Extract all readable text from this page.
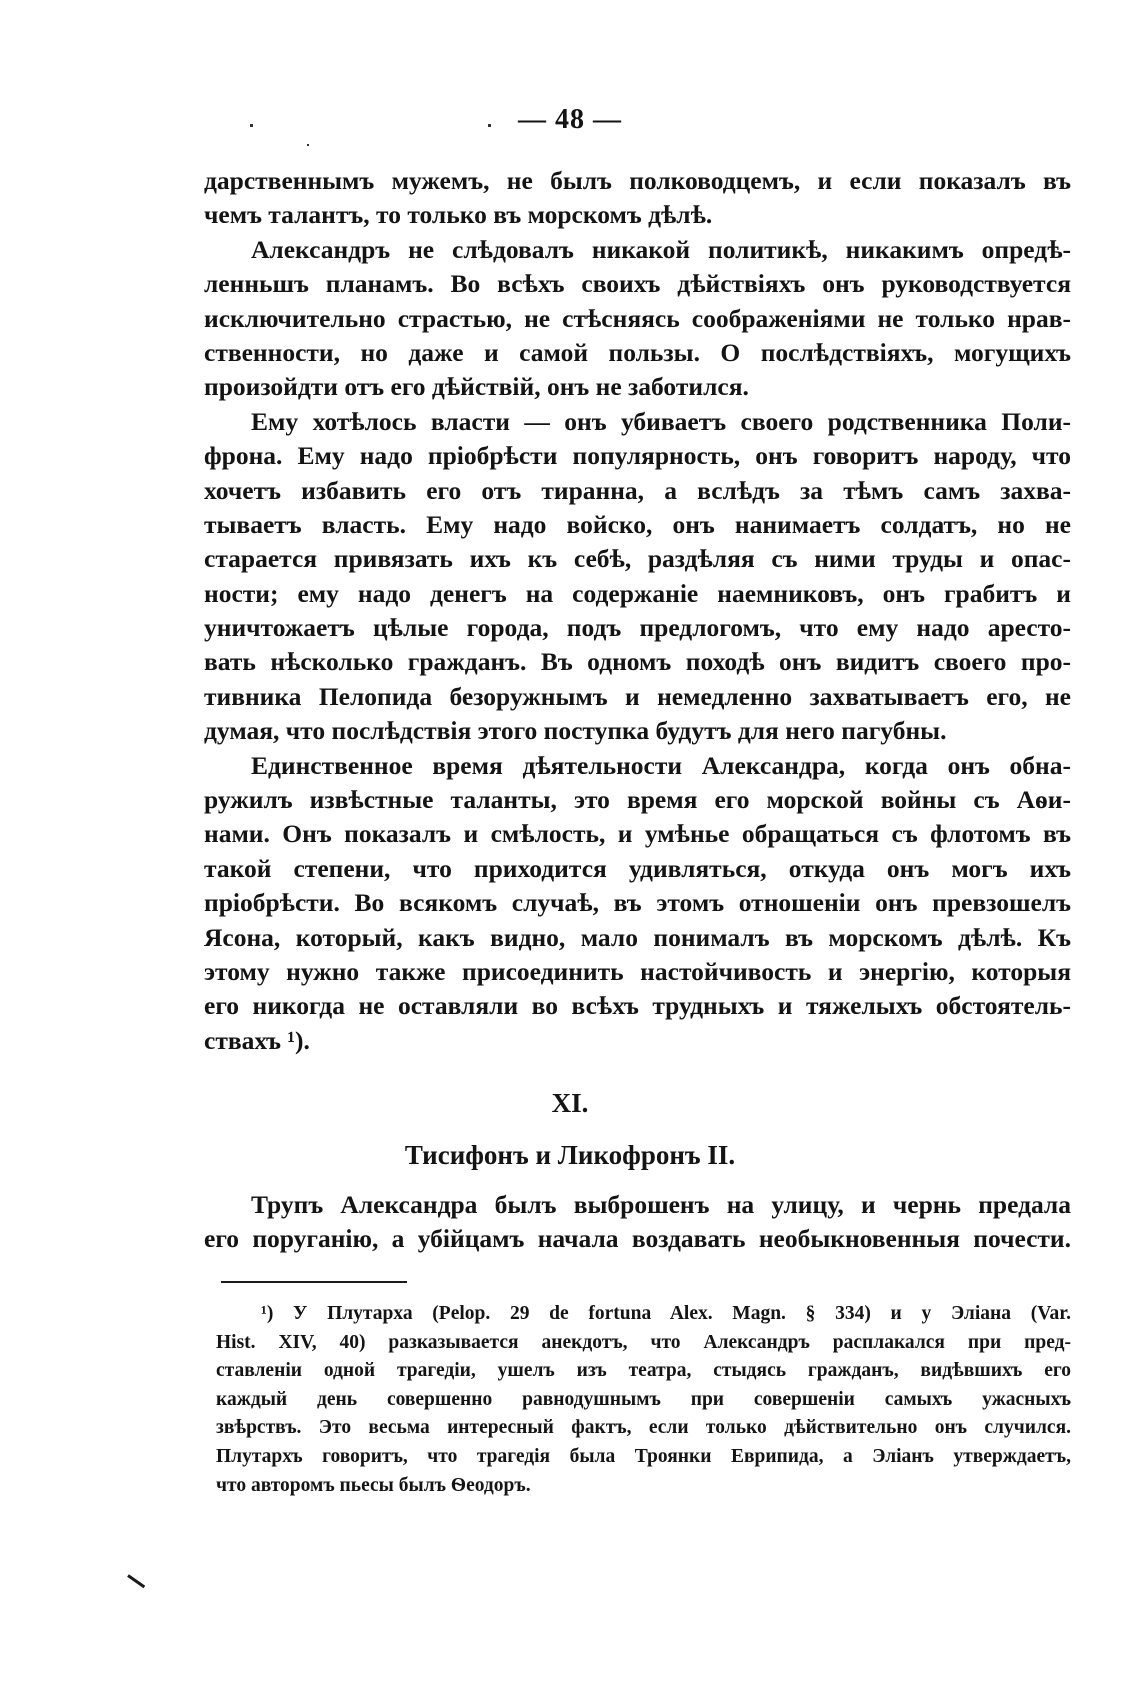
— 48 —
дарственнымъ мужемъ, не былъ полководцемъ, и если показалъ въ
чемъ талантъ, то только въ морскомъ дѣлѣ.
Александръ не слѣдовалъ никакой политикѣ, никакимъ опредѣ-
ленньшъ планамъ. Во всѣхъ своихъ дѣйствіяхъ онъ руководствуется
исключительно страстью, не стѣсняясь соображеніями не только нрав-
ственности, но даже и самой пользы. О послѣдствіяхъ, могущихъ
произойдти отъ его дѣйствій, онъ не заботился.
Ему хотѣлось власти — онъ убиваетъ своего родственника Поли-
фрона. Ему надо пріобрѣсти популярность, онъ говоритъ народу, что
хочетъ избавить его отъ тиранна, а вслѣдъ за тѣмъ самъ захва-
тываетъ власть. Ему надо войско, онъ нанимаетъ солдатъ, но не
старается привязать ихъ къ себѣ, раздѣляя съ ними труды и опас-
ности; ему надо денегъ на содержаніе наемниковъ, онъ грабитъ и
уничтожаетъ цѣлые города, подъ предлогомъ, что ему надо аресто-
вать нѣсколько гражданъ. Въ одномъ походѣ онъ видитъ своего про-
тивника Пелопида безоружнымъ и немедленно захватываетъ его, не
думая, что послѣдствія этого поступка будутъ для него пагубны.
Единственное время дѣятельности Александра, когда онъ обна-
ружилъ извѣстные таланты, это время его морской войны съ Аѳи-
нами. Онъ показалъ и смѣлость, и умѣнье обращаться съ флотомъ въ
такой степени, что приходится удивляться, откуда онъ могъ ихъ
пріобрѣсти. Во всякомъ случаѣ, въ этомъ отношеніи онъ превзошелъ
Ясона, который, какъ видно, мало понималъ въ морскомъ дѣлѣ. Къ
этому нужно также присоединить настойчивость и энергію, которыя
его никогда не оставляли во всѣхъ трудныхъ и тяжелыхъ обстоятель-
ствахъ ¹).
XI.
Тисифонъ и Ликофронъ II.
Трупъ Александра былъ выброшенъ на улицу, и чернь предала
его поруганію, а убійцамъ начала воздавать необыкновенныя почести.
¹) У Плутарха (Pelop. 29 de fortuna Alex. Magn. § 334) и у Эліана (Var.
Hist. XIV, 40) разказывается анекдотъ, что Александръ расплакался при пред-
ставленіи одной трагедіи, ушелъ изъ театра, стыдясь гражданъ, видѣвшихъ его
каждый день совершенно равнодушнымъ при совершеніи самыхъ ужасныхъ
звѣрствъ. Это весьма интересный фактъ, если только дѣйствительно онъ случился.
Плутархъ говоритъ, что трагедія была Троянки Еврипида, а Эліанъ утверждаетъ,
что авторомъ пьесы былъ Ѳеодоръ.
